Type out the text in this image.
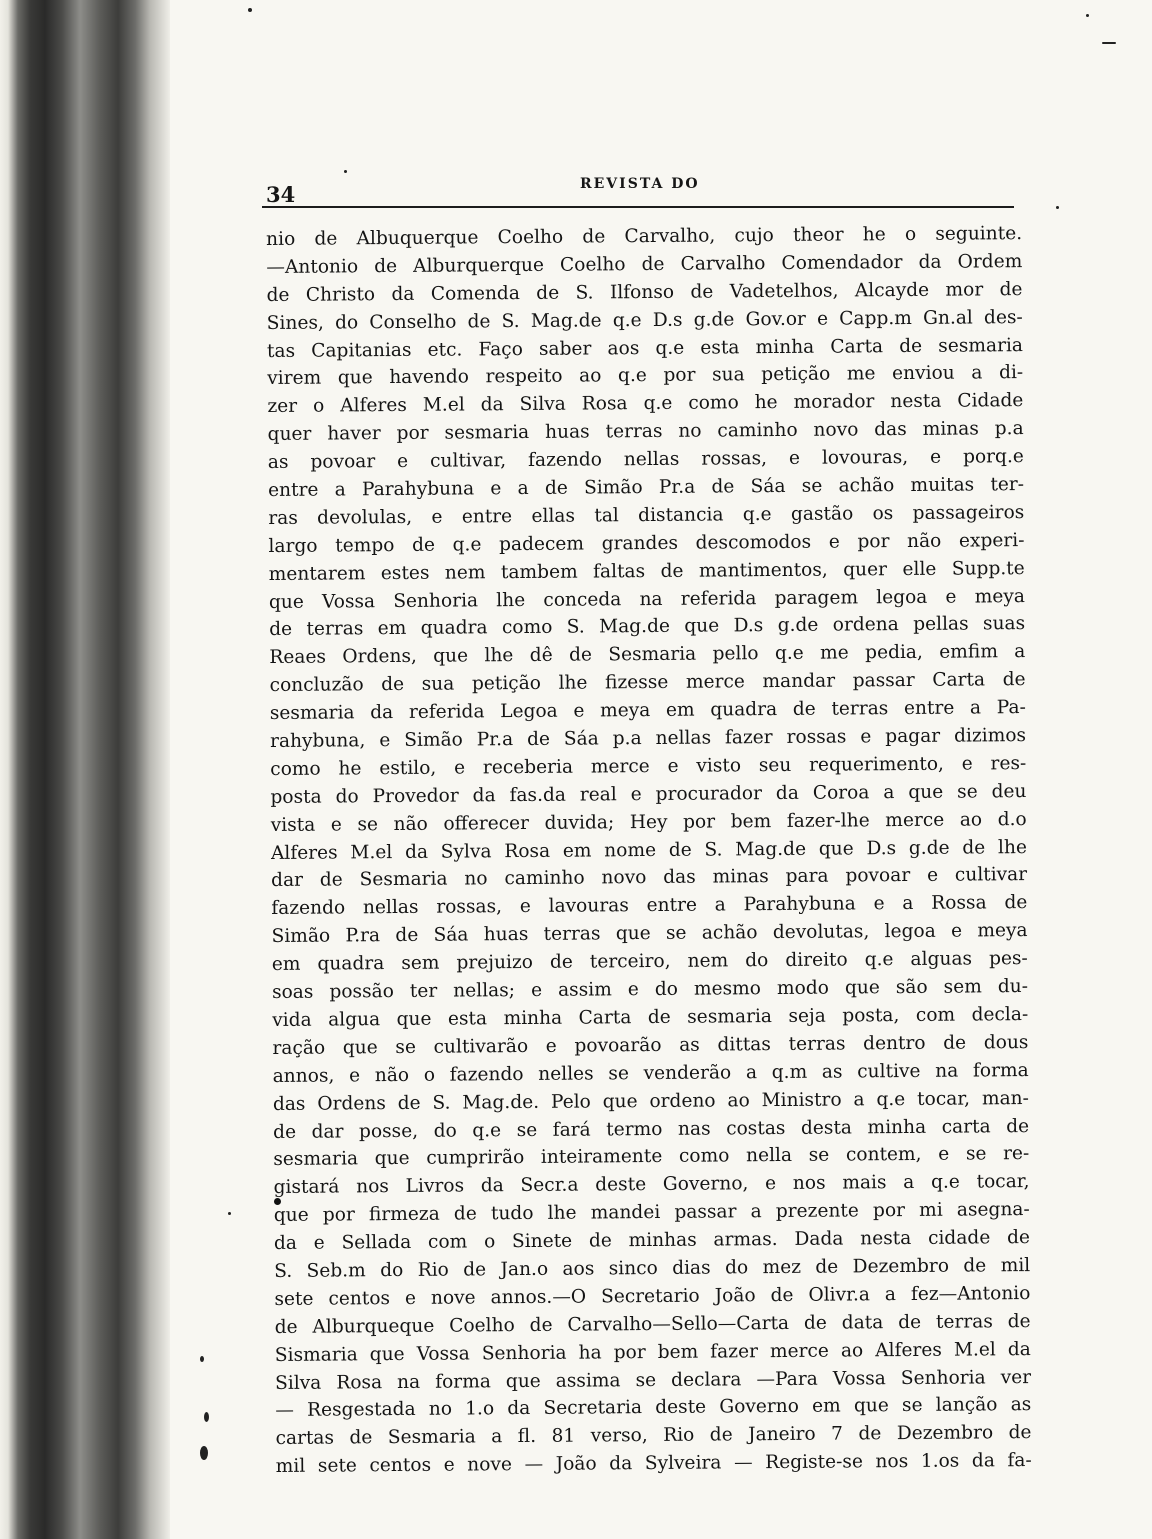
34	REVISTA DO
nio de Albuquerque Coelho de Carvalho, cujo theor he o seguinte.
—Antonio de Alburquerque Coelho de Carvalho Comendador da Ordem
de Christo da Comenda de S. Ilfonso de Vadetelhos, Alcayde mor de
Sines, do Conselho de S. Mag.de q.e D.s g.de Gov.or e Capp.m Gn.al des-
tas Capitanias etc. Faço saber aos q.e esta minha Carta de sesmaria
virem que havendo respeito ao q.e por sua petição me enviou a di-
zer o Alferes M.el da Silva Rosa q.e como he morador nesta Cidade
quer haver por sesmaria huas terras no caminho novo das minas p.a
as povoar e cultivar, fazendo nellas rossas, e lovouras, e porq.e
entre a Parahybuna e a de Simão Pr.a de Sáa se achão muitas ter-
ras devolulas, e entre ellas tal distancia q.e gastão os passageiros
largo tempo de q.e padecem grandes descomodos e por não experi-
mentarem estes nem tambem faltas de mantimentos, quer elle Supp.te
que Vossa Senhoria lhe conceda na referida paragem legoa e meya
de terras em quadra como S. Mag.de que D.s g.de ordena pellas suas
Reaes Ordens, que lhe dê de Sesmaria pello q.e me pedia, emfim a
concluzão de sua petição lhe fizesse merce mandar passar Carta de
sesmaria da referida Legoa e meya em quadra de terras entre a Pa-
rahybuna, e Simão Pr.a de Sáa p.a nellas fazer rossas e pagar dizimos
como he estilo, e receberia merce e visto seu requerimento, e res-
posta do Provedor da fas.da real e procurador da Coroa a que se deu
vista e se não offerecer duvida; Hey por bem fazer-lhe merce ao d.o
Alferes M.el da Sylva Rosa em nome de S. Mag.de que D.s g.de de lhe
dar de Sesmaria no caminho novo das minas para povoar e cultivar
fazendo nellas rossas, e lavouras entre a Parahybuna e a Rossa de
Simão P.ra de Sáa huas terras que se achão devolutas, legoa e meya
em quadra sem prejuizo de terceiro, nem do direito q.e alguas pes-
soas possão ter nellas; e assim e do mesmo modo que são sem du-
vida algua que esta minha Carta de sesmaria seja posta, com decla-
ração que se cultivarão e povoarão as dittas terras dentro de dous
annos, e não o fazendo nelles se venderão a q.m as cultive na forma
das Ordens de S. Mag.de. Pelo que ordeno ao Ministro a q.e tocar, man-
de dar posse, do q.e se fará termo nas costas desta minha carta de
sesmaria que cumprirão inteiramente como nella se contem, e se re-
gistará nos Livros da Secr.a deste Governo, e nos mais a q.e tocar,
que por firmeza de tudo lhe mandei passar a prezente por mi asegna-
da e Sellada com o Sinete de minhas armas. Dada nesta cidade de
S. Seb.m do Rio de Jan.o aos sinco dias do mez de Dezembro de mil
sete centos e nove annos.—O Secretario João de Olivr.a a fez—Antonio
de Alburqueque Coelho de Carvalho—Sello—Carta de data de terras de
Sismaria que Vossa Senhoria ha por bem fazer merce ao Alferes M.el da
Silva Rosa na forma que assima se declara —Para Vossa Senhoria ver
— Resgestada no 1.o da Secretaria deste Governo em que se lanção as
cartas de Sesmaria a fl. 81 verso, Rio de Janeiro 7 de Dezembro de
mil sete centos e nove — João da Sylveira — Registe-se nos 1.os da fa-
